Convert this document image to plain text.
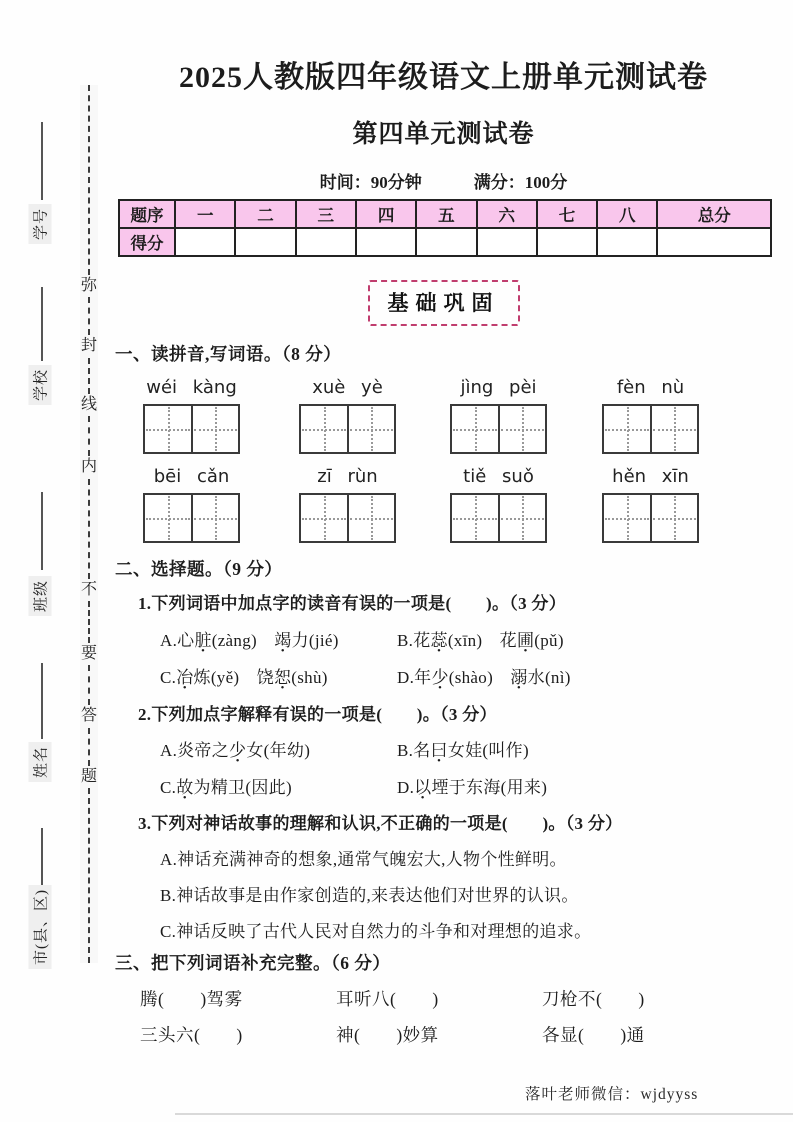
学号
学校
班级
姓名
市(县、区)
弥
封
线
内
不
要
答
题
2025人教版四年级语文上册单元测试卷
第四单元测试卷
时间：90分钟	满分：100分
题序	一	二	三	四	五	六	七	八	总分
得分									
基础巩固
一、读拼音,写词语。（8 分）
wéi kàng	xuè yè	jìng pèi	fèn nù
bēi cǎn	zī rùn	tiě suǒ	hěn xīn
二、选择题。（9 分）
1.下列词语中加点字的读音有误的一项是(　　)。（3 分）
A.心脏(zàng)　竭力(jié)	B.花蕊(xīn)　花圃(pǔ)
C.冶炼(yě)　饶恕(shù)	D.年少(shào)　溺水(nì)
2.下列加点字解释有误的一项是(　　)。（3 分）
A.炎帝之少女(年幼)	B.名曰女娃(叫作)
C.故为精卫(因此)	D.以堙于东海(用来)
3.下列对神话故事的理解和认识,不正确的一项是(　　)。（3 分）
A.神话充满神奇的想象,通常气魄宏大,人物个性鲜明。
B.神话故事是由作家创造的,来表达他们对世界的认识。
C.神话反映了古代人民对自然力的斗争和对理想的追求。
三、把下列词语补充完整。（6 分）
腾(　　)驾雾	耳听八(　　)	刀枪不(　　)
三头六(　　)	神(　　)妙算	各显(　　)通
落叶老师微信：wjdyyss
